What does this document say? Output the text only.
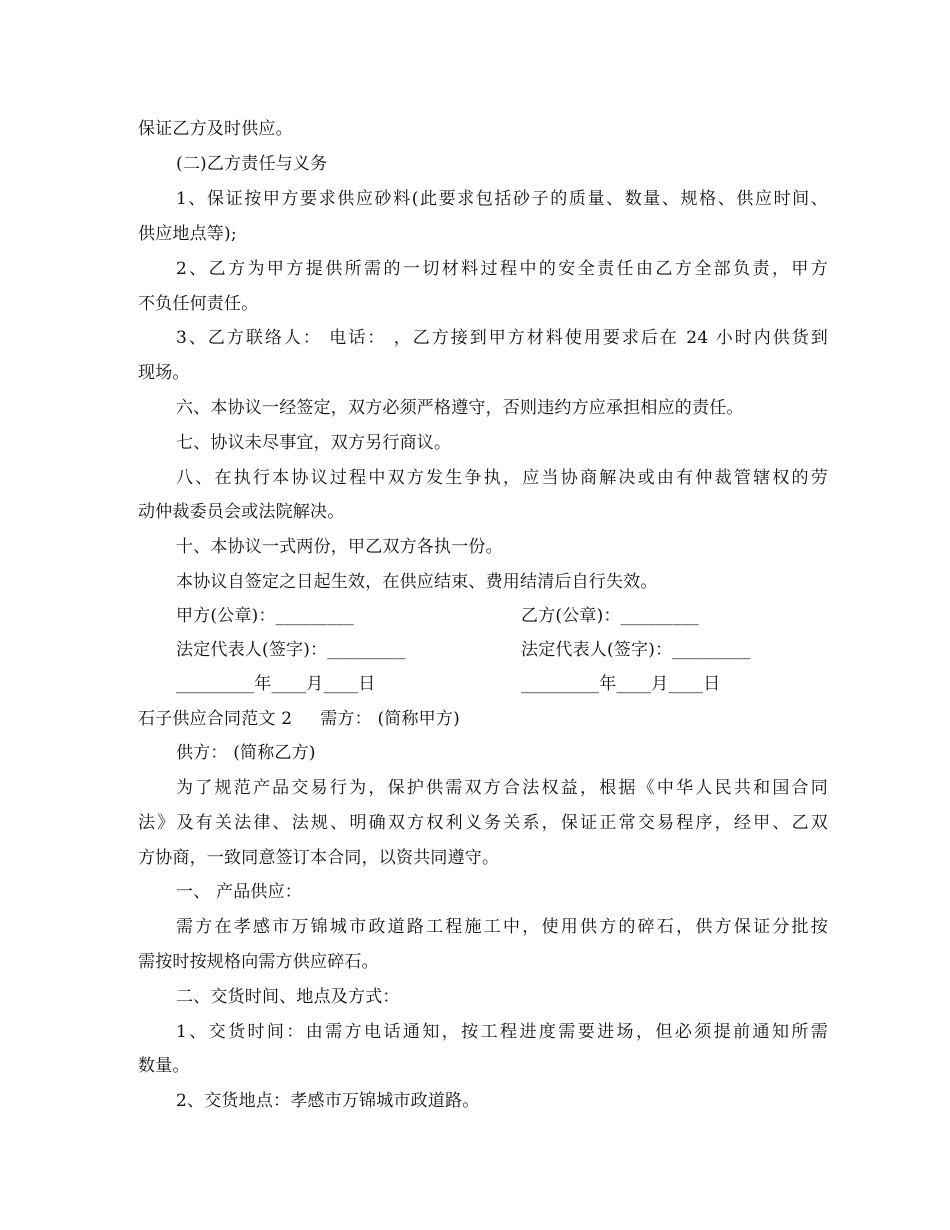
保证乙方及时供应。
(二)乙方责任与义务
1、保证按甲方要求供应砂料(此要求包括砂子的质量、数量、规格、供应时间、
供应地点等);
2、乙方为甲方提供所需的一切材料过程中的安全责任由乙方全部负责，甲方
不负任何责任。
3、乙方联络人： 电话： ，乙方接到甲方材料使用要求后在 24 小时内供货到
现场。
六、本协议一经签定，双方必须严格遵守，否则违约方应承担相应的责任。
七、协议未尽事宜，双方另行商议。
八、在执行本协议过程中双方发生争执，应当协商解决或由有仲裁管辖权的劳
动仲裁委员会或法院解决。
十、本协议一式两份，甲乙双方各执一份。
本协议自签定之日起生效，在供应结束、费用结清后自行失效。
甲方(公章)：_________	乙方(公章)：_________
法定代表人(签字)：_________	法定代表人(签字)：_________
_________年____月____日	_________年____月____日
石子供应合同范文 2 需方： (简称甲方)
供方： (简称乙方)
为了规范产品交易行为，保护供需双方合法权益，根据《中华人民共和国合同
法》及有关法律、法规、明确双方权利义务关系，保证正常交易程序，经甲、乙双
方协商，一致同意签订本合同，以资共同遵守。
一、 产品供应：
需方在孝感市万锦城市政道路工程施工中，使用供方的碎石，供方保证分批按
需按时按规格向需方供应碎石。
二、交货时间、地点及方式：
1、交货时间：由需方电话通知，按工程进度需要进场，但必须提前通知所需
数量。
2、交货地点：孝感市万锦城市政道路。
